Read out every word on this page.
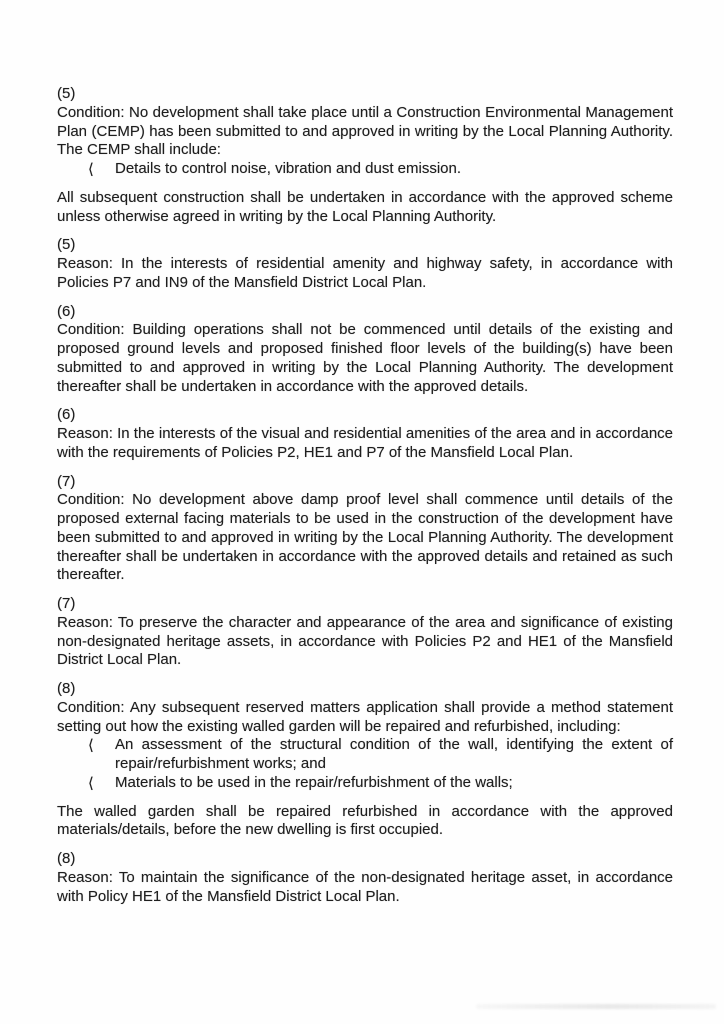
(5)

Condition: No development shall take place until a Construction Environmental Management Plan (CEMP) has been submitted to and approved in writing by the Local Planning Authority. The CEMP shall include:

⟨	Details to control noise, vibration and dust emission.

All subsequent construction shall be undertaken in accordance with the approved scheme unless otherwise agreed in writing by the Local Planning Authority.

(5)

Reason: In the interests of residential amenity and highway safety, in accordance with Policies P7 and IN9 of the Mansfield District Local Plan.

(6)

Condition: Building operations shall not be commenced until details of the existing and proposed ground levels and proposed finished floor levels of the building(s) have been submitted to and approved in writing by the Local Planning Authority. The development thereafter shall be undertaken in accordance with the approved details.

(6)

Reason: In the interests of the visual and residential amenities of the area and in accordance with the requirements of Policies P2, HE1 and P7 of the Mansfield Local Plan.

(7)

Condition: No development above damp proof level shall commence until details of the proposed external facing materials to be used in the construction of the development have been submitted to and approved in writing by the Local Planning Authority. The development thereafter shall be undertaken in accordance with the approved details and retained as such thereafter.

(7)

Reason: To preserve the character and appearance of the area and significance of existing non-designated heritage assets, in accordance with Policies P2 and HE1 of the Mansfield District Local Plan.

(8)

Condition: Any subsequent reserved matters application shall provide a method statement setting out how the existing walled garden will be repaired and refurbished, including:

⟨	An assessment of the structural condition of the wall, identifying the extent of repair/refurbishment works; and
⟨	Materials to be used in the repair/refurbishment of the walls;

The walled garden shall be repaired refurbished in accordance with the approved materials/details, before the new dwelling is first occupied.

(8)

Reason: To maintain the significance of the non-designated heritage asset, in accordance with Policy HE1 of the Mansfield District Local Plan.
